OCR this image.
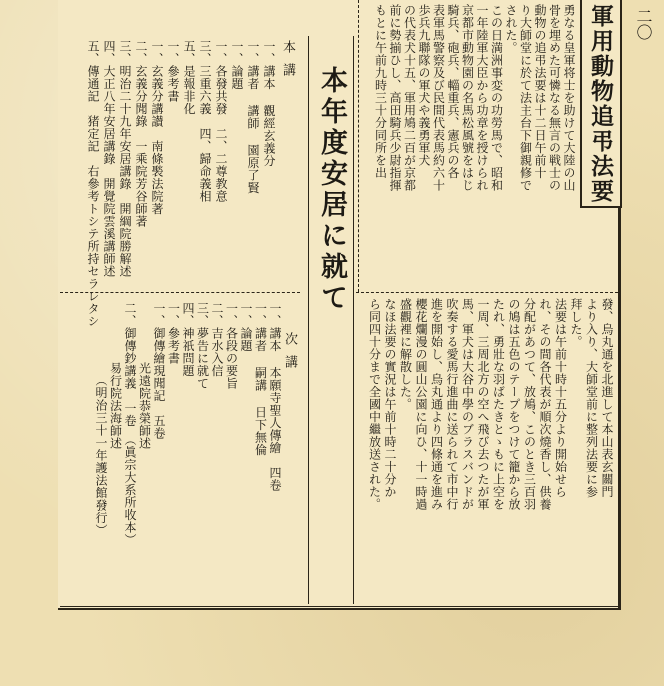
二〇
軍用動物追弔法要
勇なる皇軍将士を助けて大陸の山
骨を埋めた可憐なる無言の戦士の
動物の追弔法要は十二日午前十
り大師堂に於て法主台下御親修で
された。
この日満洲事変の功勞馬で、昭和
一年陸軍大臣から功章を授けられ
京都市動物園の名馬松風號をはじ
騎兵、砲兵、輜重兵、憲兵の各
表軍馬警察及び民間代表馬約六十
歩兵九聯隊の軍犬や義勇軍犬
の代表犬十五、軍用鳩二百が京都
前に勢揃ひし、高田騎兵少尉指揮
もとに午前九時三十分同所を出
發、烏丸通を北進して本山表玄關門
より入り、大師堂前に整列法要に参
拜した。
法要は午前十時十五分より開始せら
れ、その間各代表が順次燒香し、供養
分配があつて、放鳩、このとき三百羽
の鳩は五色のテープをつけて籠から放
たれ、勇壯な羽ばたきとゝもに上空を
一周、三周北方の空へ飛び去つたが軍
馬、軍犬は大谷中學のブラスバンドが
吹奏する愛馬行進曲に送られて市中行
進を開始し、烏丸通より四條通を進み
櫻花爛漫の圓山公園に向ひ、十一時過
盛觀裡に解散した。
なほ法要の實況は午前十時二十分か
ら同四十分まで全國中繼放送された。
本年度安居に就て
本講
一、講本 觀經玄義分
一、講者 講師 園原了賢
一、論題
一、各發共發　二、二尊教意
三、三重六義　四、歸命義相
五、是報非化
一、參考書
一、玄義分講讃　南條褧法院著
二、玄義分聞錄　一乘院芳谷師著
三、明治二十九年安居講錄　開綱院勝解述
四、大正八年安居講錄　開覺院雲溪講師述
五、傳通記　猪定記　右參考トシテ所持セラレタシ
次講
一、講本 本願寺聖人傳繪　四卷
一、講者 嗣講 日下無倫
一、論題
一、各段の要旨
二、吉水入信
三、夢告に就て
四、神祇問題
一、參考書
一、御傳繪現聞記　五卷
光遠院恭榮師述
二、御傳鈔講義　一卷　（眞宗大系所收本）
易行院法海師述
（明治三十一年護法館發行）
